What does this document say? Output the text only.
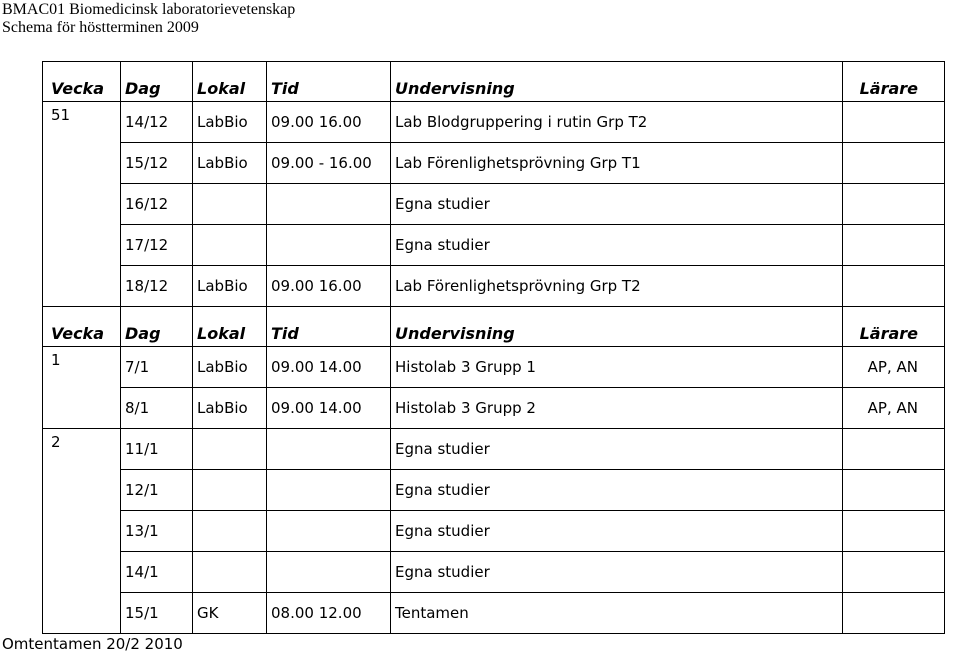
BMAC01 Biomedicinsk laboratorievetenskap
Schema för höstterminen 2009
Vecka	Dag	Lokal	Tid	Undervisning	Lärare
51	14/12	LabBio	09.00 16.00	Lab Blodgruppering i rutin Grp T2	
	15/12	LabBio	09.00 - 16.00	Lab Förenlighetsprövning Grp T1	
	16/12			Egna studier	
	17/12			Egna studier	
	18/12	LabBio	09.00 16.00	Lab Förenlighetsprövning Grp T2	
Vecka	Dag	Lokal	Tid	Undervisning	Lärare
1	7/1	LabBio	09.00 14.00	Histolab 3 Grupp 1	AP, AN
	8/1	LabBio	09.00 14.00	Histolab 3 Grupp 2	AP, AN
2	11/1			Egna studier	
	12/1			Egna studier	
	13/1			Egna studier	
	14/1			Egna studier	
	15/1	GK	08.00 12.00	Tentamen	
Omtentamen 20/2 2010
